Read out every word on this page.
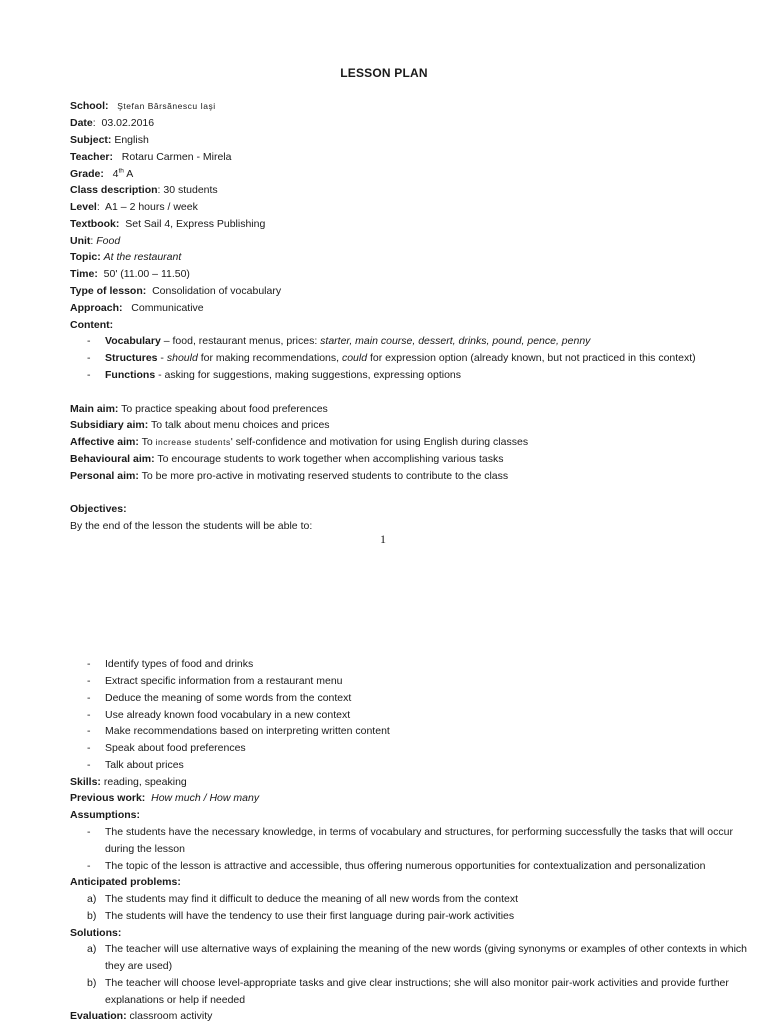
LESSON PLAN
School: Ştefan Bârsănescu Iaşi
Date:  03.02.2016
Subject: English
Teacher: Rotaru Carmen - Mirela
Grade: 4th A
Class description: 30 students
Level:  A1 – 2 hours / week
Textbook: Set Sail 4, Express Publishing
Unit: Food
Topic: At the restaurant
Time: 50' (11.00 – 11.50)
Type of lesson: Consolidation of vocabulary
Approach: Communicative
Content:
- Vocabulary – food, restaurant menus, prices: starter, main course, dessert, drinks, pound, pence, penny
- Structures - should for making recommendations, could for expression option (already known, but not practiced in this context)
- Functions - asking for suggestions, making suggestions, expressing options
Main aim: To practice speaking about food preferences
Subsidiary aim: To talk about menu choices and prices
Affective aim: To increase students' self-confidence and motivation for using English during classes
Behavioural aim: To encourage students to work together when accomplishing various tasks
Personal aim: To be more pro-active in motivating reserved students to contribute to the class
Objectives:
By the end of the lesson the students will be able to:
1
- Identify types of food and drinks
- Extract specific information from a restaurant menu
- Deduce the meaning of some words from the context
- Use already known food vocabulary in a new context
- Make recommendations based on interpreting written content
- Speak about food preferences
- Talk about prices
Skills: reading, speaking
Previous work: How much / How many
Assumptions:
- The students have the necessary knowledge, in terms of vocabulary and structures, for performing successfully the tasks that will occur
during the lesson
- The topic of the lesson is attractive and accessible, thus offering numerous opportunities for contextualization and personalization
Anticipated problems:
a) The students may find it difficult to deduce the meaning of all new words from the context
b) The students will have the tendency to use their first language during pair-work activities
Solutions:
a) The teacher will use alternative ways of explaining the meaning of the new words (giving synonyms or examples of other contexts in which
they are used)
b) The teacher will choose level-appropriate tasks and give clear instructions; she will also monitor pair-work activities and provide further
explanations or help if needed
Evaluation: classroom activity
